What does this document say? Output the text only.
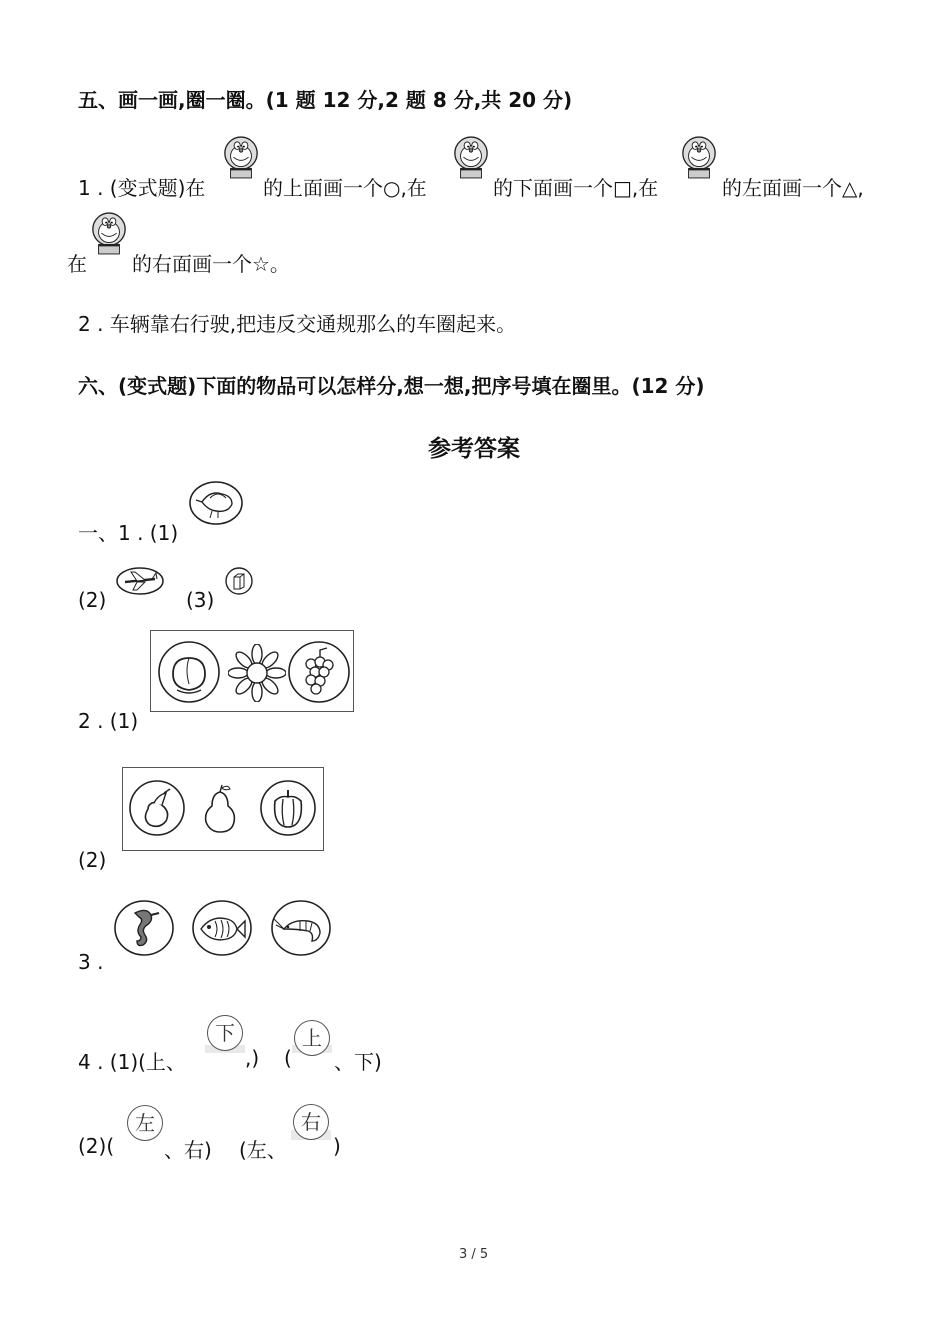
五、画一画,圈一圈。(1 题 12 分,2 题 8 分,共 20 分)
1 . (变式题)在	的上面画一个○,在	的下面画一个□,在	的左面画一个△,
在 的右面画一个☆。
2 . 车辆靠右行驶,把违反交通规那么的车圈起来。
六、(变式题)下面的物品可以怎样分,想一想,把序号填在圈里。(12 分)
参考答案
一、1 . (1)
(2)	(3)
2 . (1)
(2)
3 .
4 . (1)(上、
下
,) (
上
、下)
(2)(
左
、右) (左、
右
)
3 / 5
